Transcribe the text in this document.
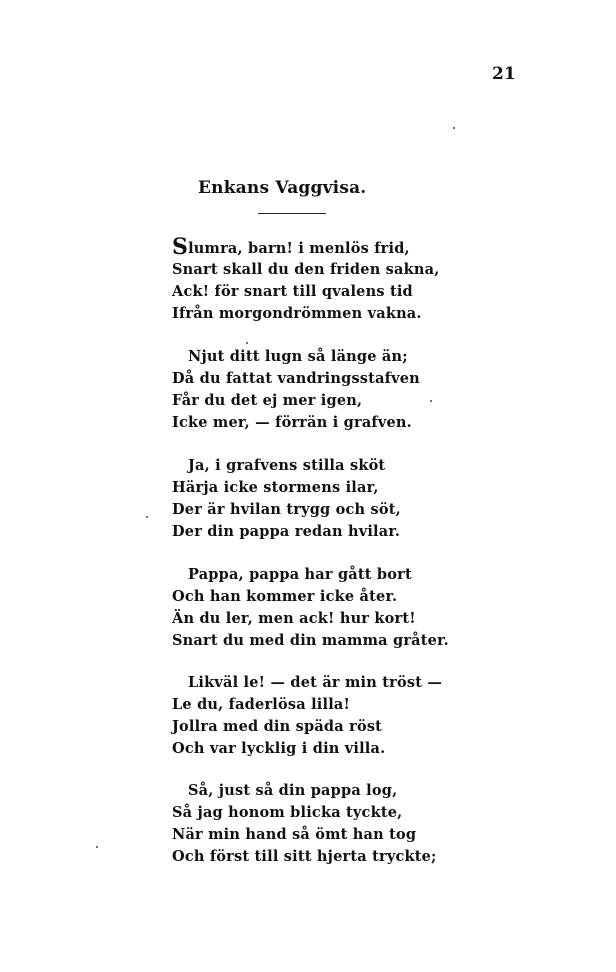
21
Enkans Vaggvisa.
Slumra, barn! i menlös frid,
Snart skall du den friden sakna,
Ack! för snart till qvalens tid
Ifrån morgondrömmen vakna.
Njut ditt lugn så länge än;
Då du fattat vandringsstafven
Får du det ej mer igen,
Icke mer, — förrän i grafven.
Ja, i grafvens stilla sköt
Härja icke stormens ilar,
Der är hvilan trygg och söt,
Der din pappa redan hvilar.
Pappa, pappa har gått bort
Och han kommer icke åter.
Än du ler, men ack! hur kort!
Snart du med din mamma gråter.
Likväl le! — det är min tröst —
Le du, faderlösa lilla!
Jollra med din späda röst
Och var lycklig i din villa.
Så, just så din pappa log,
Så jag honom blicka tyckte,
När min hand så ömt han tog
Och först till sitt hjerta tryckte;
